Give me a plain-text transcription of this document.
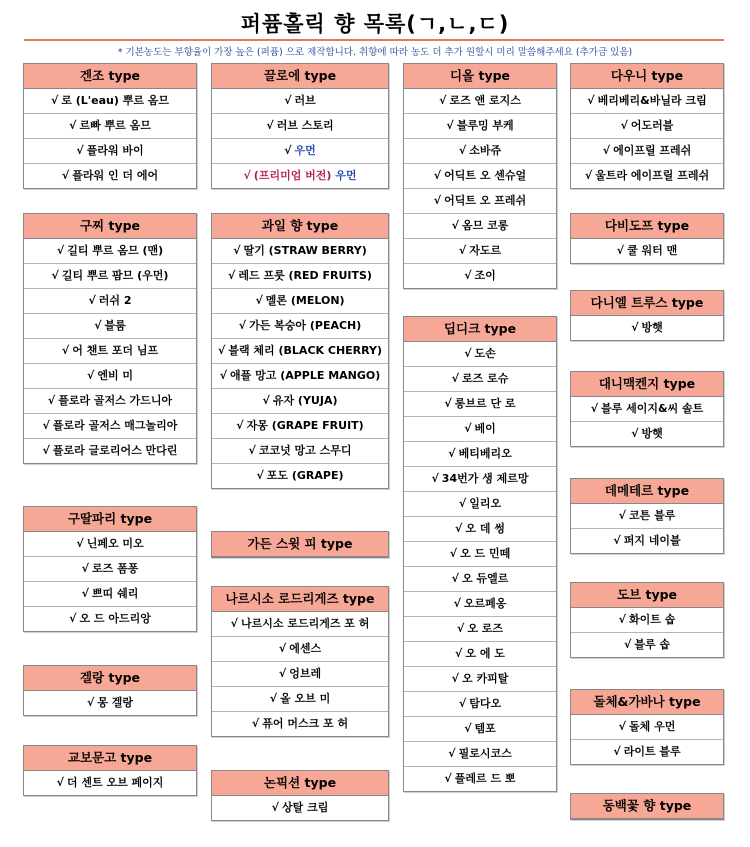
퍼퓸홀릭 향 목록(ㄱ,ㄴ,ㄷ)
* 기본농도는 부향율이 가장 높은 (퍼퓸) 으로 제작합니다. 취향에 따라 농도 더 추가 원할시 미리 말씀해주세요 (추가금 있음)
겐조 type
√ 로 (L'eau) 뿌르 옴므
√ 르빠 뿌르 옴므
√ 플라워 바이
√ 플라워 인 더 에어
구찌 type
√ 길티 뿌르 옴므 (맨)
√ 길티 뿌르 팜므 (우먼)
√ 러쉬 2
√ 블룸
√ 어 챈트 포더 님프
√ 엔비 미
√ 플로라 골저스 가드니아
√ 플로라 골저스 매그놀리아
√ 플로라 글로리어스 만다린
구딸파리 type
√ 닌페오 미오
√ 로즈 폼퐁
√ 쁘띠 쉐리
√ 오 드 아드리앙
겔랑 type
√ 몽 겔랑
교보문고 type
√ 더 센트 오브 페이지
끌로에 type
√ 러브
√ 러브 스토리
√ 우먼
√ (프리미엄 버전) 우먼
과일 향 type
√ 딸기 (STRAW BERRY)
√ 레드 프룻 (RED FRUITS)
√ 멜론 (MELON)
√ 가든 복숭아 (PEACH)
√ 블랙 체리 (BLACK CHERRY)
√ 애플 망고 (APPLE MANGO)
√ 유자 (YUJA)
√ 자몽 (GRAPE FRUIT)
√ 코코넛 망고 스무디
√ 포도 (GRAPE)
가든 스윗 피 type
나르시소 로드리게즈 type
√ 나르시소 로드리게즈 포 허
√ 에센스
√ 엉브레
√ 올 오브 미
√ 퓨어 머스크 포 허
논픽션 type
√ 상탈 크림
디올 type
√ 로즈 앤 로지스
√ 블루밍 부케
√ 소바쥬
√ 어딕트 오 센슈얼
√ 어딕트 오 프레쉬
√ 옴므 코롱
√ 자도르
√ 조이
딥디크 type
√ 도손
√ 로즈 로슈
√ 롱브르 단 로
√ 베이
√ 베티베리오
√ 34번가 생 제르망
√ 일리오
√ 오 데 썽
√ 오 드 민떼
√ 오 듀엘르
√ 오르페옹
√ 오 로즈
√ 오 에 도
√ 오 카피탈
√ 탐다오
√ 템포
√ 필로시코스
√ 플레르 드 뽀
다우니 type
√ 베리베리&바닐라 크림
√ 어도러블
√ 에이프릴 프레쉬
√ 울트라 에이프릴 프레쉬
다비도프 type
√ 쿨 워터 맨
다니엘 트루스 type
√ 방햇
대니맥켄지 type
√ 블루 세이지&씨 솔트
√ 방햇
데메테르 type
√ 코튼 블루
√ 퍼지 네이블
도브 type
√ 화이트 솝
√ 블루 솝
돌체&가바나 type
√ 돌체 우먼
√ 라이트 블루
동백꽃 향 type
